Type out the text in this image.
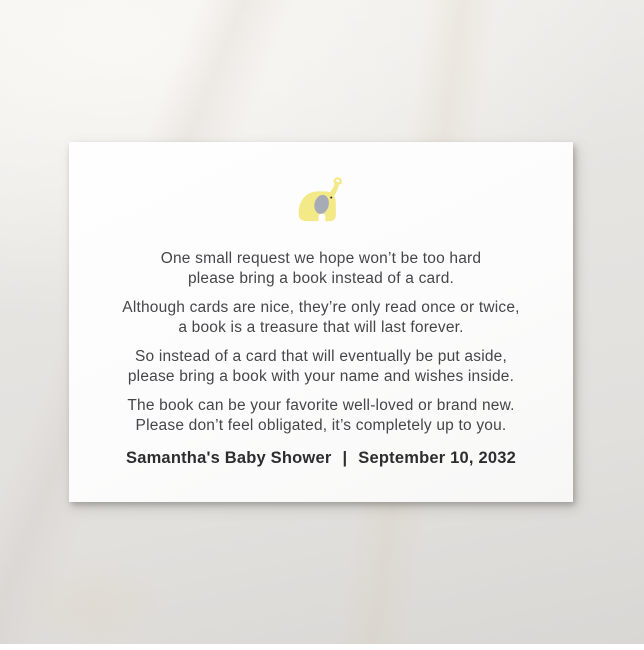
One small request we hope won’t be too hard
please bring a book instead of a card.

Although cards are nice, they’re only read once or twice,
a book is a treasure that will last forever.

So instead of a card that will eventually be put aside,
please bring a book with your name and wishes inside.

The book can be your favorite well-loved or brand new.
Please don’t feel obligated, it’s completely up to you.

Samantha's Baby Shower | September 10, 2032
